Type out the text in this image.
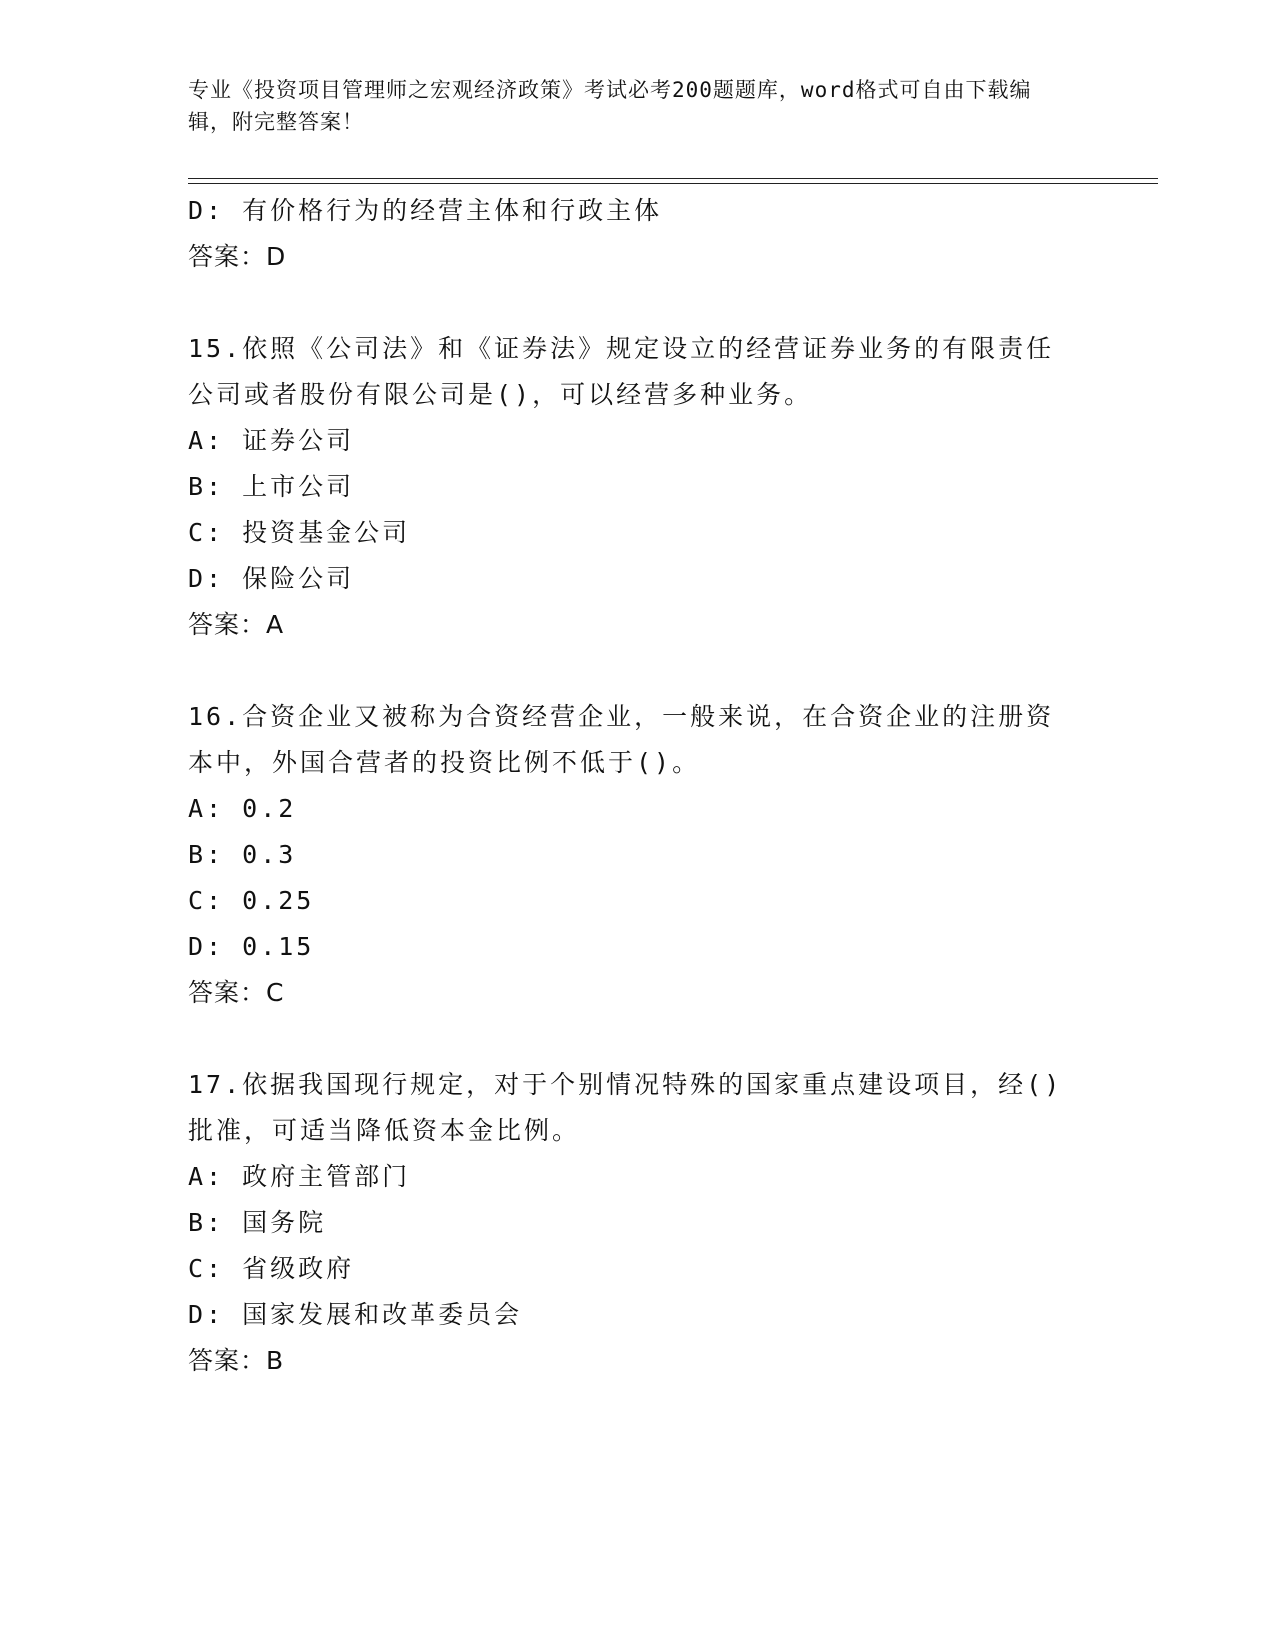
专业《投资项目管理师之宏观经济政策》考试必考200题题库，word格式可自由下载编辑，附完整答案！
D: 有价格行为的经营主体和行政主体
答案：D
15.依照《公司法》和《证券法》规定设立的经营证券业务的有限责任公司或者股份有限公司是()，可以经营多种业务。
A: 证券公司
B: 上市公司
C: 投资基金公司
D: 保险公司
答案：A
16.合资企业又被称为合资经营企业，一般来说，在合资企业的注册资本中，外国合营者的投资比例不低于()。
A: 0.2
B: 0.3
C: 0.25
D: 0.15
答案：C
17.依据我国现行规定，对于个别情况特殊的国家重点建设项目，经()批准，可适当降低资本金比例。
A: 政府主管部门
B: 国务院
C: 省级政府
D: 国家发展和改革委员会
答案：B
